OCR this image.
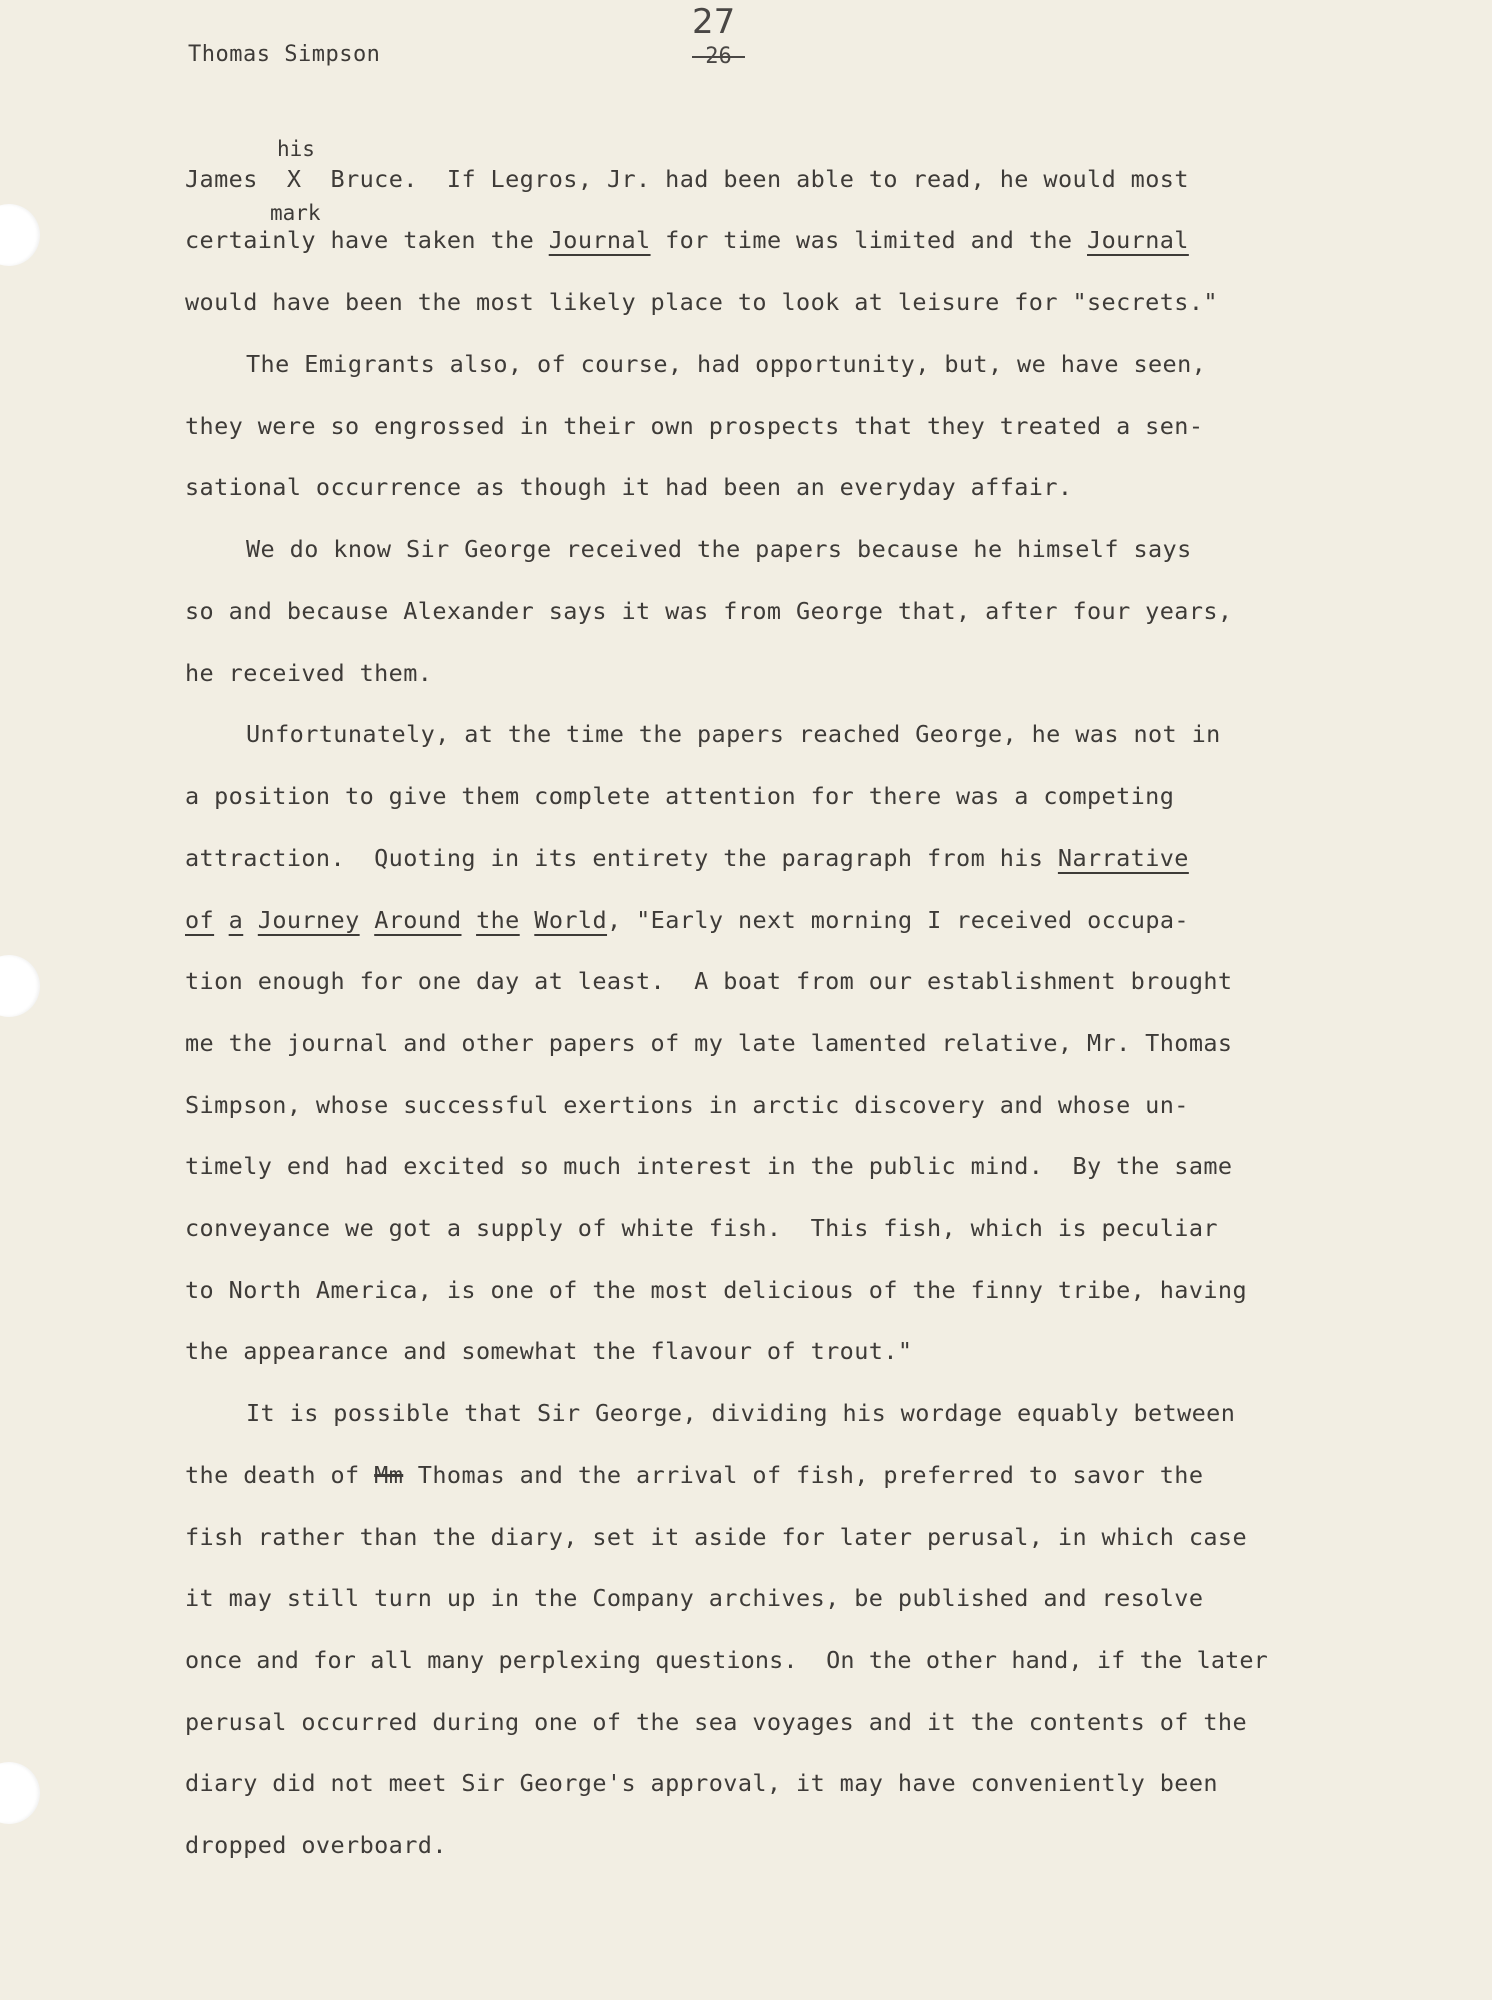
Thomas Simpson
27
-26-
his
mark
James X Bruce.  If Legros, Jr. had been able to read, he would most
certainly have taken the Journal for time was limited and the Journal
would have been the most likely place to look at leisure for "secrets."
The Emigrants also, of course, had opportunity, but, we have seen,
they were so engrossed in their own prospects that they treated a sen-
sational occurrence as though it had been an everyday affair.
We do know Sir George received the papers because he himself says
so and because Alexander says it was from George that, after four years,
he received them.
Unfortunately, at the time the papers reached George, he was not in
a position to give them complete attention for there was a competing
attraction.  Quoting in its entirety the paragraph from his Narrative
of a Journey Around the World, "Early next morning I received occupa-
tion enough for one day at least.  A boat from our establishment brought
me the journal and other papers of my late lamented relative, Mr. Thomas
Simpson, whose successful exertions in arctic discovery and whose un-
timely end had excited so much interest in the public mind.  By the same
conveyance we got a supply of white fish.  This fish, which is peculiar
to North America, is one of the most delicious of the finny tribe, having
the appearance and somewhat the flavour of trout."
It is possible that Sir George, dividing his wordage equably between
the death of Mm Thomas and the arrival of fish, preferred to savor the
fish rather than the diary, set it aside for later perusal, in which case
it may still turn up in the Company archives, be published and resolve
once and for all many perplexing questions.  On the other hand, if the later
perusal occurred during one of the sea voyages and it the contents of the
diary did not meet Sir George's approval, it may have conveniently been
dropped overboard.
